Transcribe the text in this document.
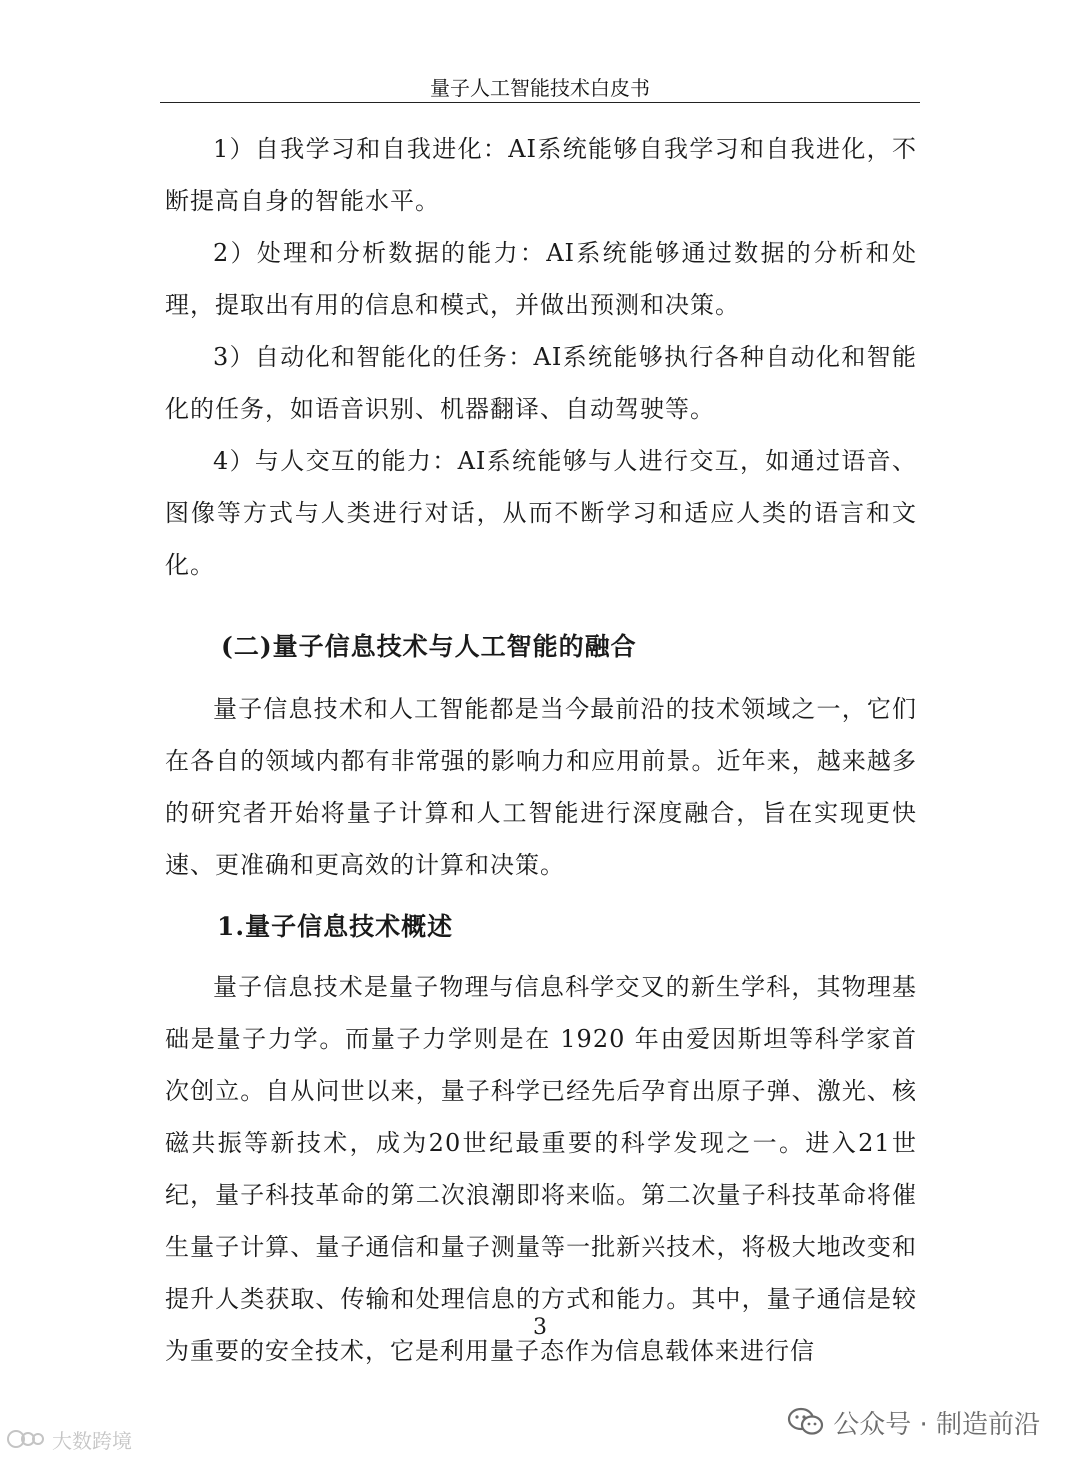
量子人工智能技术白皮书

1）自我学习和自我进化：AI系统能够自我学习和自我进化，不断提高自身的智能水平。

2）处理和分析数据的能力：AI系统能够通过数据的分析和处理，提取出有用的信息和模式，并做出预测和决策。

3）自动化和智能化的任务：AI系统能够执行各种自动化和智能化的任务，如语音识别、机器翻译、自动驾驶等。

4）与人交互的能力：AI系统能够与人进行交互，如通过语音、图像等方式与人类进行对话，从而不断学习和适应人类的语言和文化。

(二)量子信息技术与人工智能的融合

量子信息技术和人工智能都是当今最前沿的技术领域之一，它们在各自的领域内都有非常强的影响力和应用前景。近年来，越来越多的研究者开始将量子计算和人工智能进行深度融合，旨在实现更快速、更准确和更高效的计算和决策。

1.量子信息技术概述

量子信息技术是量子物理与信息科学交叉的新生学科，其物理基础是量子力学。而量子力学则是在 1920 年由爱因斯坦等科学家首次创立。自从问世以来，量子科学已经先后孕育出原子弹、激光、核磁共振等新技术，成为20世纪最重要的科学发现之一。进入21世纪，量子科技革命的第二次浪潮即将来临。第二次量子科技革命将催生量子计算、量子通信和量子测量等一批新兴技术，将极大地改变和提升人类获取、传输和处理信息的方式和能力。其中，量子通信是较为重要的安全技术，它是利用量子态作为信息载体来进行信

3
大数跨境
公众号 · 制造前沿
